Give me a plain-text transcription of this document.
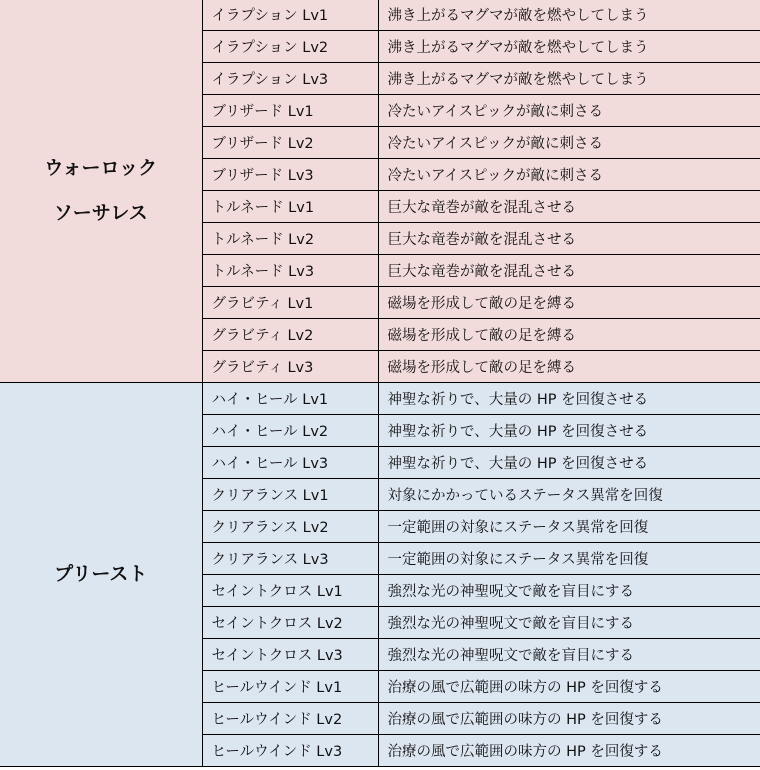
ウォーロック
ソーサレス	イラプション Lv1	沸き上がるマグマが敵を燃やしてしまう
	イラプション Lv2	沸き上がるマグマが敵を燃やしてしまう
	イラプション Lv3	沸き上がるマグマが敵を燃やしてしまう
	ブリザード Lv1	冷たいアイスピックが敵に刺さる
	ブリザード Lv2	冷たいアイスピックが敵に刺さる
	ブリザード Lv3	冷たいアイスピックが敵に刺さる
	トルネード Lv1	巨大な竜巻が敵を混乱させる
	トルネード Lv2	巨大な竜巻が敵を混乱させる
	トルネード Lv3	巨大な竜巻が敵を混乱させる
	グラビティ Lv1	磁場を形成して敵の足を縛る
	グラビティ Lv2	磁場を形成して敵の足を縛る
	グラビティ Lv3	磁場を形成して敵の足を縛る

プリースト	ハイ・ヒール Lv1	神聖な祈りで、大量の HP を回復させる
	ハイ・ヒール Lv2	神聖な祈りで、大量の HP を回復させる
	ハイ・ヒール Lv3	神聖な祈りで、大量の HP を回復させる
	クリアランス Lv1	対象にかかっているステータス異常を回復
	クリアランス Lv2	一定範囲の対象にステータス異常を回復
	クリアランス Lv3	一定範囲の対象にステータス異常を回復
	セイントクロス Lv1	強烈な光の神聖呪文で敵を盲目にする
	セイントクロス Lv2	強烈な光の神聖呪文で敵を盲目にする
	セイントクロス Lv3	強烈な光の神聖呪文で敵を盲目にする
	ヒールウインド Lv1	治療の風で広範囲の味方の HP を回復する
	ヒールウインド Lv2	治療の風で広範囲の味方の HP を回復する
	ヒールウインド Lv3	治療の風で広範囲の味方の HP を回復する
